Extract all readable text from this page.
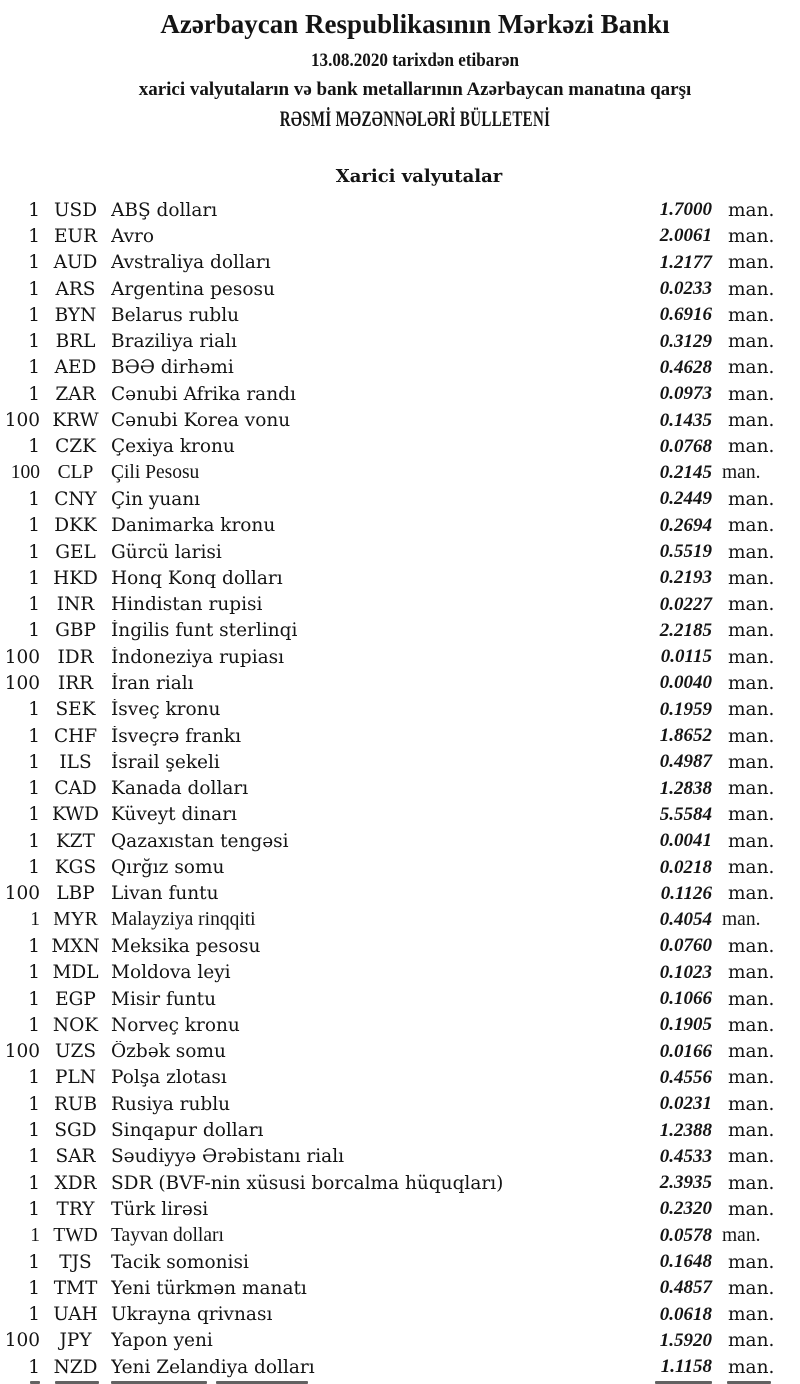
Azərbaycan Respublikasının Mərkəzi Bankı
13.08.2020 tarixdən etibarən
xarici valyutaların və bank metallarının Azərbaycan manatına qarşı
RƏSMİ MƏZƏNNƏLƏRİ BÜLLETENİ
Xarici valyutalar
1 USD ABŞ dolları	1.7000 man.
1 EUR Avro	2.0061 man.
1 AUD Avstraliya dolları	1.2177 man.
1 ARS Argentina pesosu	0.0233 man.
1 BYN Belarus rublu	0.6916 man.
1 BRL Braziliya rialı	0.3129 man.
1 AED BƏƏ dirhəmi	0.4628 man.
1 ZAR Cənubi Afrika randı	0.0973 man.
100 KRW Cənubi Korea vonu	0.1435 man.
1 CZK Çexiya kronu	0.0768 man.
100 CLP Çili Pesosu	0.2145 man.
1 CNY Çin yuanı	0.2449 man.
1 DKK Danimarka kronu	0.2694 man.
1 GEL Gürcü larisi	0.5519 man.
1 HKD Honq Konq dolları	0.2193 man.
1 INR Hindistan rupisi	0.0227 man.
1 GBP İngilis funt sterlinqi	2.2185 man.
100 IDR İndoneziya rupiası	0.0115 man.
100 IRR İran rialı	0.0040 man.
1 SEK İsveç kronu	0.1959 man.
1 CHF İsveçrə frankı	1.8652 man.
1	ILS	İsrail şekeli	0.4987 man.
1 CAD Kanada dolları	1.2838 man.
1 KWD Küveyt dinarı	5.5584 man.
1 KZT Qazaxıstan tengəsi	0.0041 man.
1 KGS Qırğız somu	0.0218 man.
100 LBP Livan funtu	0.1126 man.
1 MYR Malayziya rinqqiti	0.4054 man.
1 MXN Meksika pesosu	0.0760 man.
1 MDL Moldova leyi	0.1023 man.
1 EGP Misir funtu	0.1066 man.
1 NOK Norveç kronu	0.1905 man.
100 UZS Özbək somu	0.0166 man.
1 PLN Polşa zlotası	0.4556 man.
1 RUB Rusiya rublu	0.0231 man.
1 SGD Sinqapur dolları	1.2388 man.
1 SAR Səudiyyə Ərəbistanı rialı	0.4533 man.
1 XDR SDR (BVF-nin xüsusi borcalma hüquqları)	2.3935 man.
1 TRY Türk lirəsi	0.2320 man.
1 TWD Tayvan dolları	0.0578 man.
1	TJS	Tacik somonisi	0.1648 man.
1 TMT Yeni türkmən manatı	0.4857 man.
1 UAH Ukrayna qrivnası	0.0618 man.
100	JPY	Yapon yeni	1.5920 man.
1 NZD Yeni Zelandiya dolları	1.1158 man.
